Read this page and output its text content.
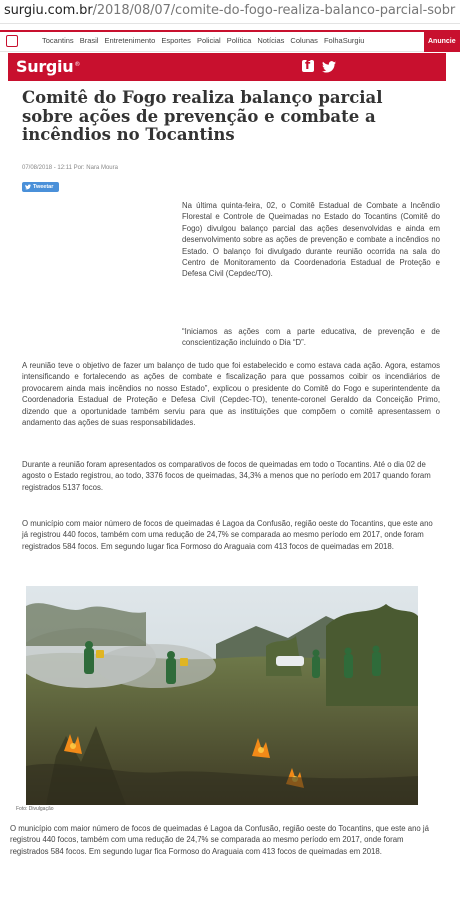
surgiu.com.br/2018/08/07/comite-do-fogo-realiza-balanco-parcial-sobr
Tocantins Brasil Entretenimento Esportes Policial Política Notícias Colunas FolhaSurgiu	Anuncie
Surgiu®
f
Comitê do Fogo realiza balanço parcial sobre ações de prevenção e combate a incêndios no Tocantins
07/08/2018 - 12:11 Por: Nara Moura
Tweetar

Na última quinta-feira, 02, o Comitê Estadual de Combate a Incêndio Florestal e Controle de Queimadas no Estado do Tocantins (Comitê do Fogo) divulgou balanço parcial das ações desenvolvidas e ainda em desenvolvimento sobre as ações de prevenção e combate a incêndios no Estado. O balanço foi divulgado durante reunião ocorrida na sala do Centro de Monitoramento da Coordenadoria Estadual de Proteção e Defesa Civil (Cepdec/TO).

“Iniciamos as ações com a parte educativa, de prevenção e de conscientização incluindo o Dia “D”.

A reunião teve o objetivo de fazer um balanço de tudo que foi estabelecido e como estava cada ação. Agora, estamos intensificando e fortalecendo as ações de combate e fiscalização para que possamos coibir os incendiários de provocarem ainda mais incêndios no nosso Estado”, explicou o presidente do Comitê do Fogo e superintendente da Coordenadoria Estadual de Proteção e Defesa Civil (Cepdec-TO), tenente-coronel Geraldo da Conceição Primo, dizendo que a oportunidade também serviu para que as instituições que compõem o comitê apresentassem o andamento das ações de suas responsabilidades.

Durante a reunião foram apresentados os comparativos de focos de queimadas em todo o Tocantins. Até o dia 02 de agosto o Estado registrou, ao todo, 3376 focos de queimadas, 34,3% a menos que no período em 2017 quando foram registrados 5137 focos.

O município com maior número de focos de queimadas é Lagoa da Confusão, região oeste do Tocantins, que este ano já registrou 440 focos, também com uma redução de 24,7% se comparada ao mesmo período em 2017, onde foram registrados 584 focos. Em segundo lugar fica Formoso do Araguaia com 413 focos de queimadas em 2018.

Foto: Divulgação

O município com maior número de focos de queimadas é Lagoa da Confusão, região oeste do Tocantins, que este ano já registrou 440 focos, também com uma redução de 24,7% se comparada ao mesmo período em 2017, onde foram registrados 584 focos. Em segundo lugar fica Formoso do Araguaia com 413 focos de queimadas em 2018.
